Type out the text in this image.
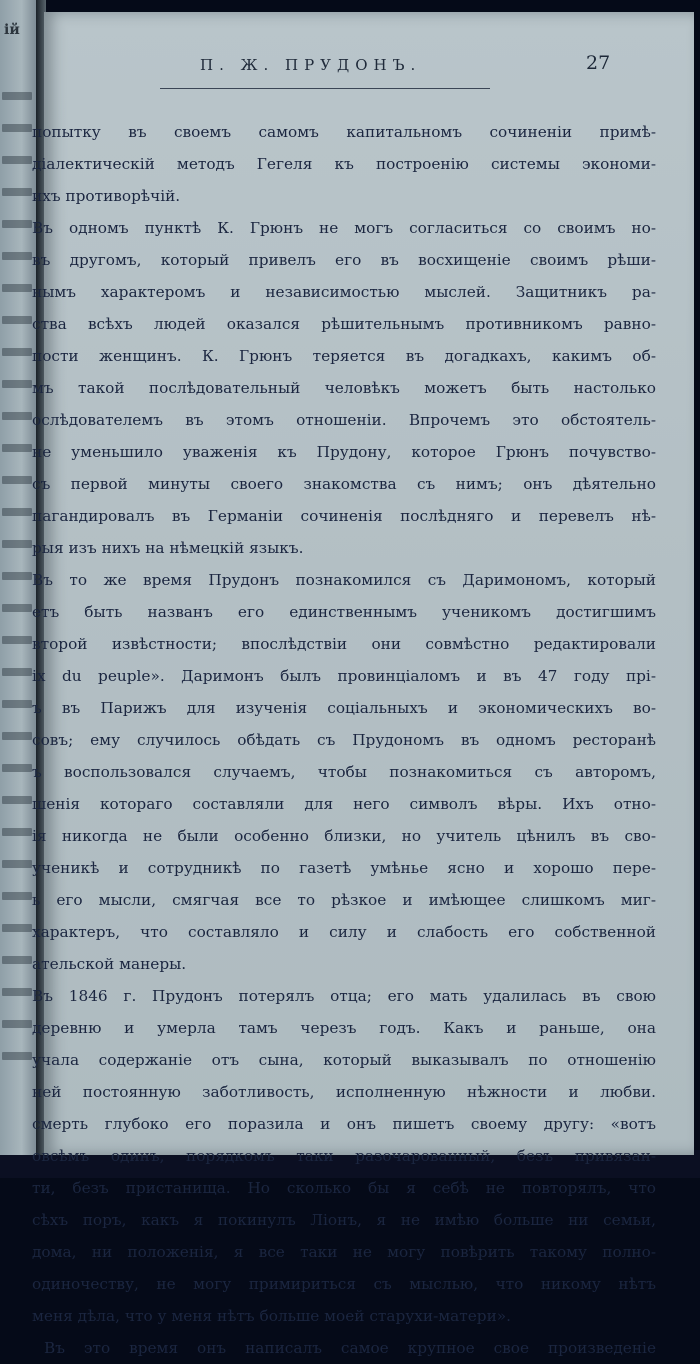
ій
П. Ж. ПРУДОНЪ.	27
попытку въ своемъ самомъ капитальномъ сочиненіи примѣ-
діалектическій методъ Гегеля къ построенію системы экономи-
ихъ противорѣчій.
Въ одномъ пунктѣ К. Грюнъ не могъ согласиться со своимъ но-
въ другомъ, который привелъ его въ восхищеніе своимъ рѣши-
нымъ характеромъ и независимостью мыслей. Защитникъ ра-
ства всѣхъ людей оказался рѣшительнымъ противникомъ равно-
пости женщинъ. К. Грюнъ теряется въ догадкахъ, какимъ об-
мъ такой послѣдовательный человѣкъ можетъ быть настолько
ослѣдователемъ въ этомъ отношеніи. Впрочемъ это обстоятель-
не уменьшило уваженія къ Прудону, которое Грюнъ почувство-
съ первой минуты своего знакомства съ нимъ; онъ дѣятельно
пагандировалъ въ Германіи сочиненія послѣдняго и перевелъ нѣ-
рыя изъ нихъ на нѣмецкій языкъ.
Въ то же время Прудонъ познакомился съ Даримономъ, который
етъ быть названъ его единственнымъ ученикомъ достигшимъ
второй извѣстности; впослѣдствіи они совмѣстно редактировали
ix du peuple». Даримонъ былъ провинціаломъ и въ 47 году прі-
ъ въ Парижъ для изученія соціальныхъ и экономическихъ во-
совъ; ему случилось обѣдать съ Прудономъ въ одномъ ресторанѣ
ъ воспользовался случаемъ, чтобы познакомиться съ авторомъ,
шенія котораго составляли для него символъ вѣры. Ихъ отно-
ія никогда не были особенно близки, но учитель цѣнилъ въ сво-
ученикѣ и сотрудникѣ по газетѣ умѣнье ясно и хорошо пере-
ь его мысли, смягчая все то рѣзкое и имѣющее слишкомъ миг-
характеръ, что составляло и силу и слабость его собственной
ательской манеры.
Въ 1846 г. Прудонъ потерялъ отца; его мать удалилась въ свою
деревню и умерла тамъ черезъ годъ. Какъ и раньше, она
учала содержаніе отъ сына, который выказывалъ по отношенію
ней постоянную заботливость, исполненную нѣжности и любви.
смерть глубоко его поразила и онъ пишетъ своему другу: «вотъ
овсѣмъ одинъ, порядкомъ таки разочарованный, безъ привязан-
ти, безъ пристанища. Но сколько бы я себѣ не повторялъ, что
сѣхъ поръ, какъ я покинулъ Ліонъ, я не имѣю больше ни семьи,
дома, ни положенія, я все таки не могу повѣрить такому полно-
одиночеству, не могу примириться съ мыслью, что никому нѣтъ
меня дѣла, что у меня нѣтъ больше моей старухи-матери».
Въ это время онъ написалъ самое крупное свое произведеніе
